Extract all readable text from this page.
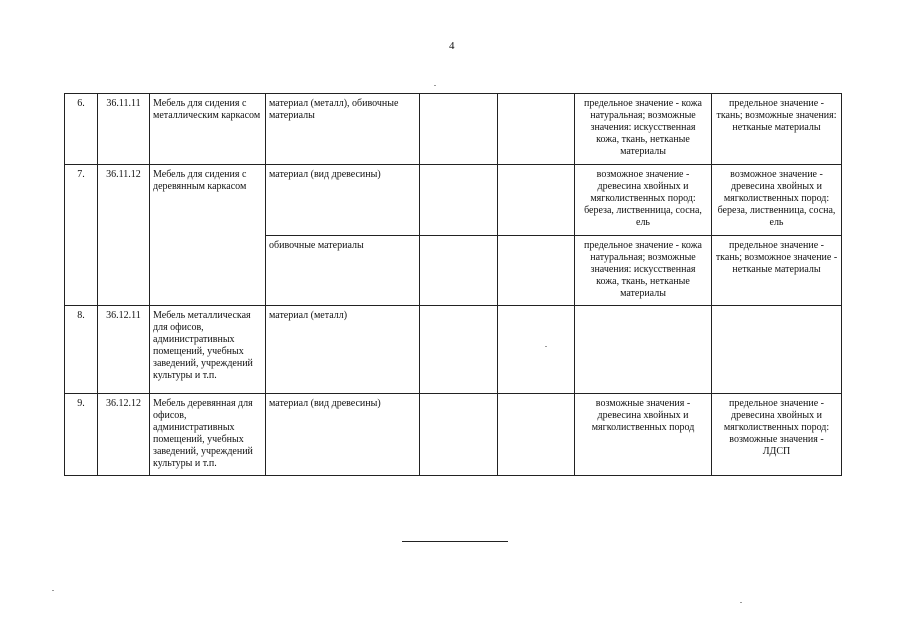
4
6.	36.11.11	Мебель для сидения с металлическим каркасом	материал (металл), обивочные материалы			предельное значение - кожа натуральная; возможные значения: искусственная кожа, ткань, нетканые материалы	предельное значение - ткань; возможные значения: нетканые материалы
7.	36.11.12	Мебель для сидения с деревянным каркасом	материал (вид древесины)			возможное значение - древесина хвойных и мягколиственных пород: береза, лиственница, сосна, ель	возможное значение - древесина хвойных и мягколиственных пород: береза, лиственница, сосна, ель
			обивочные материалы			предельное значение - кожа натуральная; возможные значения: искусственная кожа, ткань, нетканые материалы	предельное значение - ткань; возможное значение - нетканые материалы
8.	36.12.11	Мебель металлическая для офисов, административных помещений, учебных заведений, учреждений культуры и т.п.	материал (металл)				
9.	36.12.12	Мебель деревянная для офисов, административных помещений, учебных заведений, учреждений культуры и т.п.	материал (вид древесины)			возможные значения - древесина хвойных и мягколиственных пород	предельное значение - древесина хвойных и мягколиственных пород: возможные значения - ЛДСП
